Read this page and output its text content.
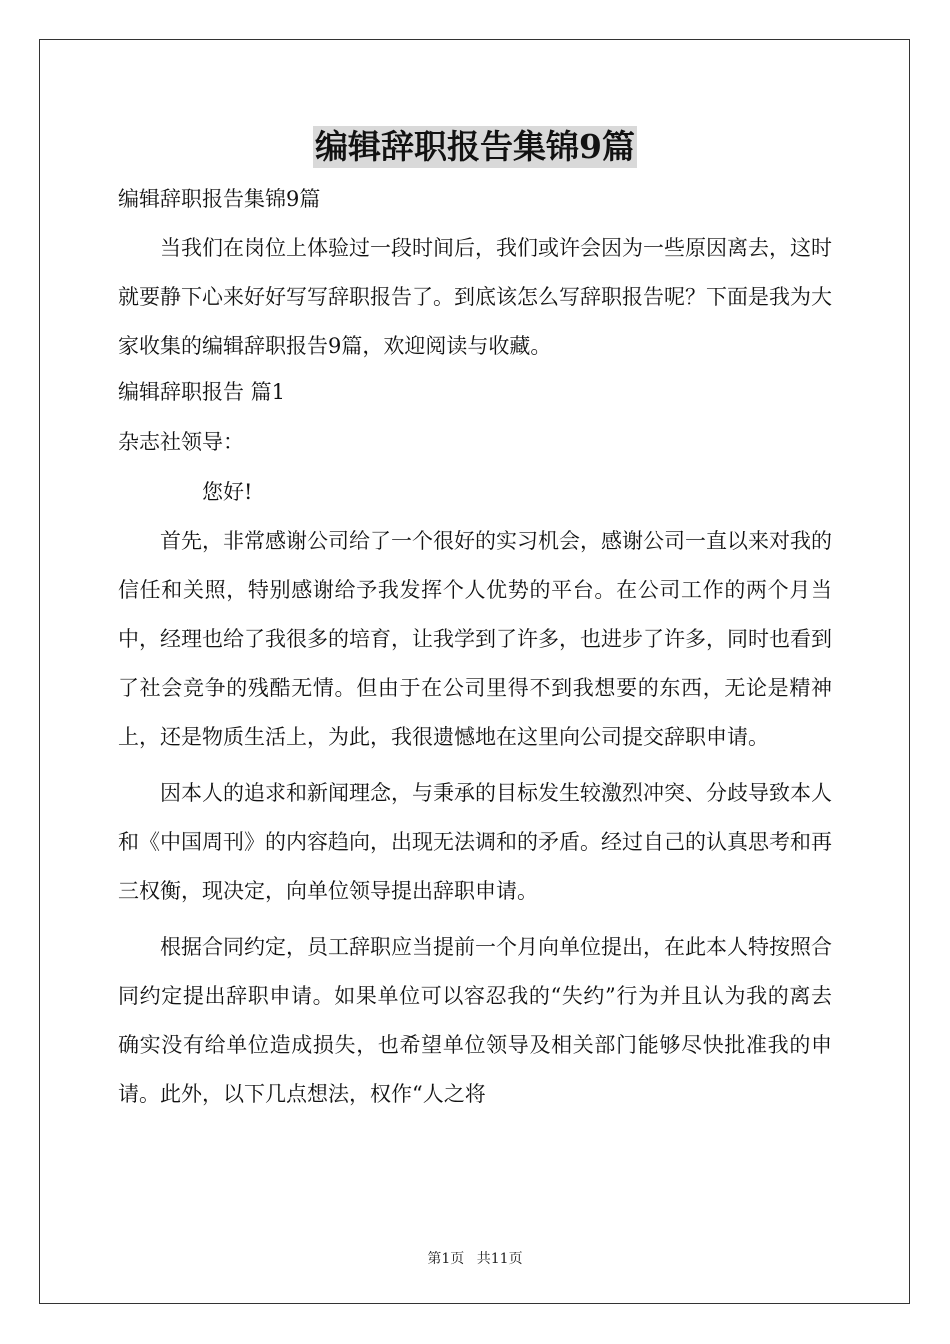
编辑辞职报告集锦9篇
编辑辞职报告集锦9篇

当我们在岗位上体验过一段时间后，我们或许会因为一些原因离去，这时就要静下心来好好写写辞职报告了。到底该怎么写辞职报告呢？下面是我为大家收集的编辑辞职报告9篇，欢迎阅读与收藏。

编辑辞职报告 篇1
杂志社领导：
您好!

首先，非常感谢公司给了一个很好的实习机会，感谢公司一直以来对我的信任和关照，特别感谢给予我发挥个人优势的平台。在公司工作的两个月当中，经理也给了我很多的培育，让我学到了许多，也进步了许多，同时也看到了社会竞争的残酷无情。但由于在公司里得不到我想要的东西，无论是精神上，还是物质生活上，为此，我很遗憾地在这里向公司提交辞职申请。

因本人的追求和新闻理念，与秉承的目标发生较激烈冲突、分歧导致本人和《中国周刊》的内容趋向，出现无法调和的矛盾。经过自己的认真思考和再三权衡，现决定，向单位领导提出辞职申请。

根据合同约定，员工辞职应当提前一个月向单位提出，在此本人特按照合同约定提出辞职申请。如果单位可以容忍我的“失约”行为并且认为我的离去确实没有给单位造成损失，也希望单位领导及相关部门能够尽快批准我的申请。此外，以下几点想法，权作“人之将

第1页 共11页
